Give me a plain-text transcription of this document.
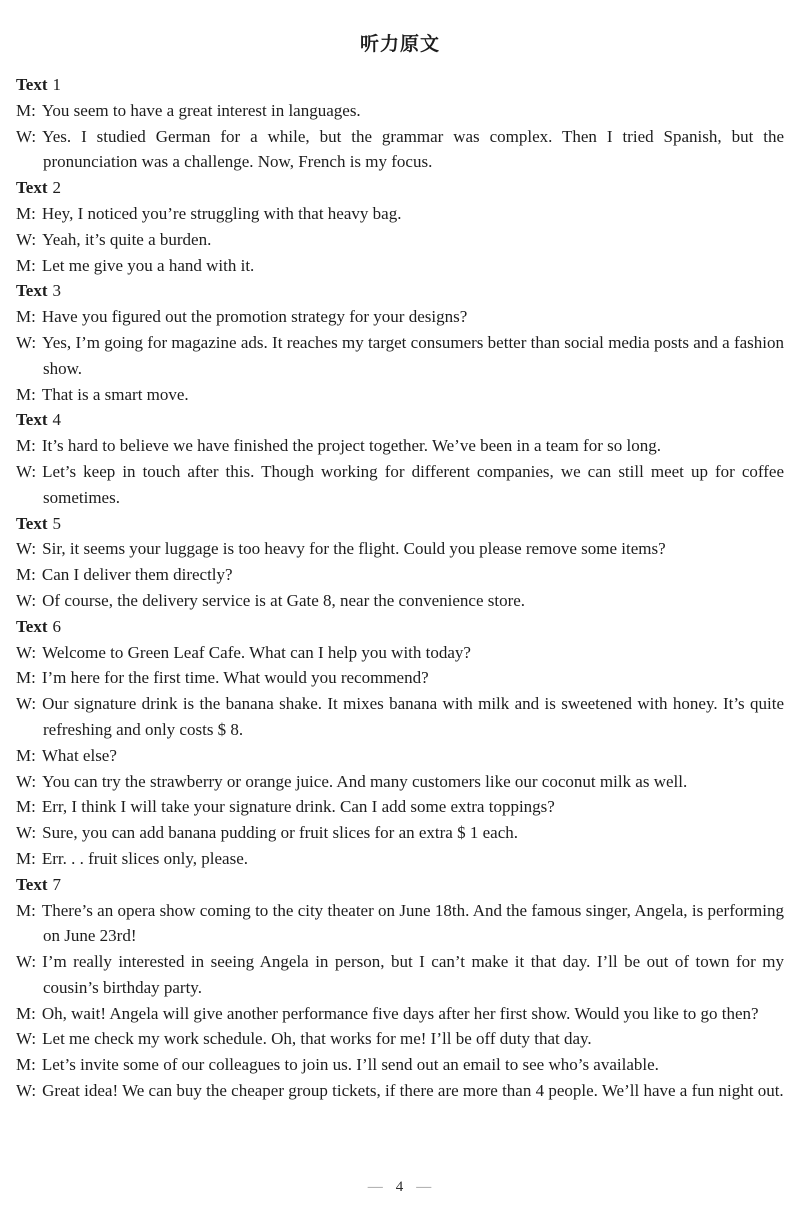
听力原文

Text 1

M: You seem to have a great interest in languages.

W: Yes. I studied German for a while, but the grammar was complex. Then I tried Spanish, but the pronunciation was a challenge. Now, French is my focus.

Text 2

M: Hey, I noticed you’re struggling with that heavy bag.

W: Yeah, it’s quite a burden.

M: Let me give you a hand with it.

Text 3

M: Have you figured out the promotion strategy for your designs?

W: Yes, I’m going for magazine ads. It reaches my target consumers better than social media posts and a fashion show.

M: That is a smart move.

Text 4

M: It’s hard to believe we have finished the project together. We’ve been in a team for so long.

W: Let’s keep in touch after this. Though working for different companies, we can still meet up for coffee sometimes.

Text 5

W: Sir, it seems your luggage is too heavy for the flight. Could you please remove some items?

M: Can I deliver them directly?

W: Of course, the delivery service is at Gate 8, near the convenience store.

Text 6

W: Welcome to Green Leaf Cafe. What can I help you with today?

M: I’m here for the first time. What would you recommend?

W: Our signature drink is the banana shake. It mixes banana with milk and is sweetened with honey. It’s quite refreshing and only costs $ 8.

M: What else?

W: You can try the strawberry or orange juice. And many customers like our coconut milk as well.

M: Err, I think I will take your signature drink. Can I add some extra toppings?

W: Sure, you can add banana pudding or fruit slices for an extra $ 1 each.

M: Err. . . fruit slices only, please.

Text 7

M: There’s an opera show coming to the city theater on June 18th. And the famous singer, Angela, is performing on June 23rd!

W: I’m really interested in seeing Angela in person, but I can’t make it that day. I’ll be out of town for my cousin’s birthday party.

M: Oh, wait! Angela will give another performance five days after her first show. Would you like to go then?

W: Let me check my work schedule. Oh, that works for me! I’ll be off duty that day.

M: Let’s invite some of our colleagues to join us. I’ll send out an email to see who’s available.

W: Great idea! We can buy the cheaper group tickets, if there are more than 4 people. We’ll have a fun night out.

— 4 —
